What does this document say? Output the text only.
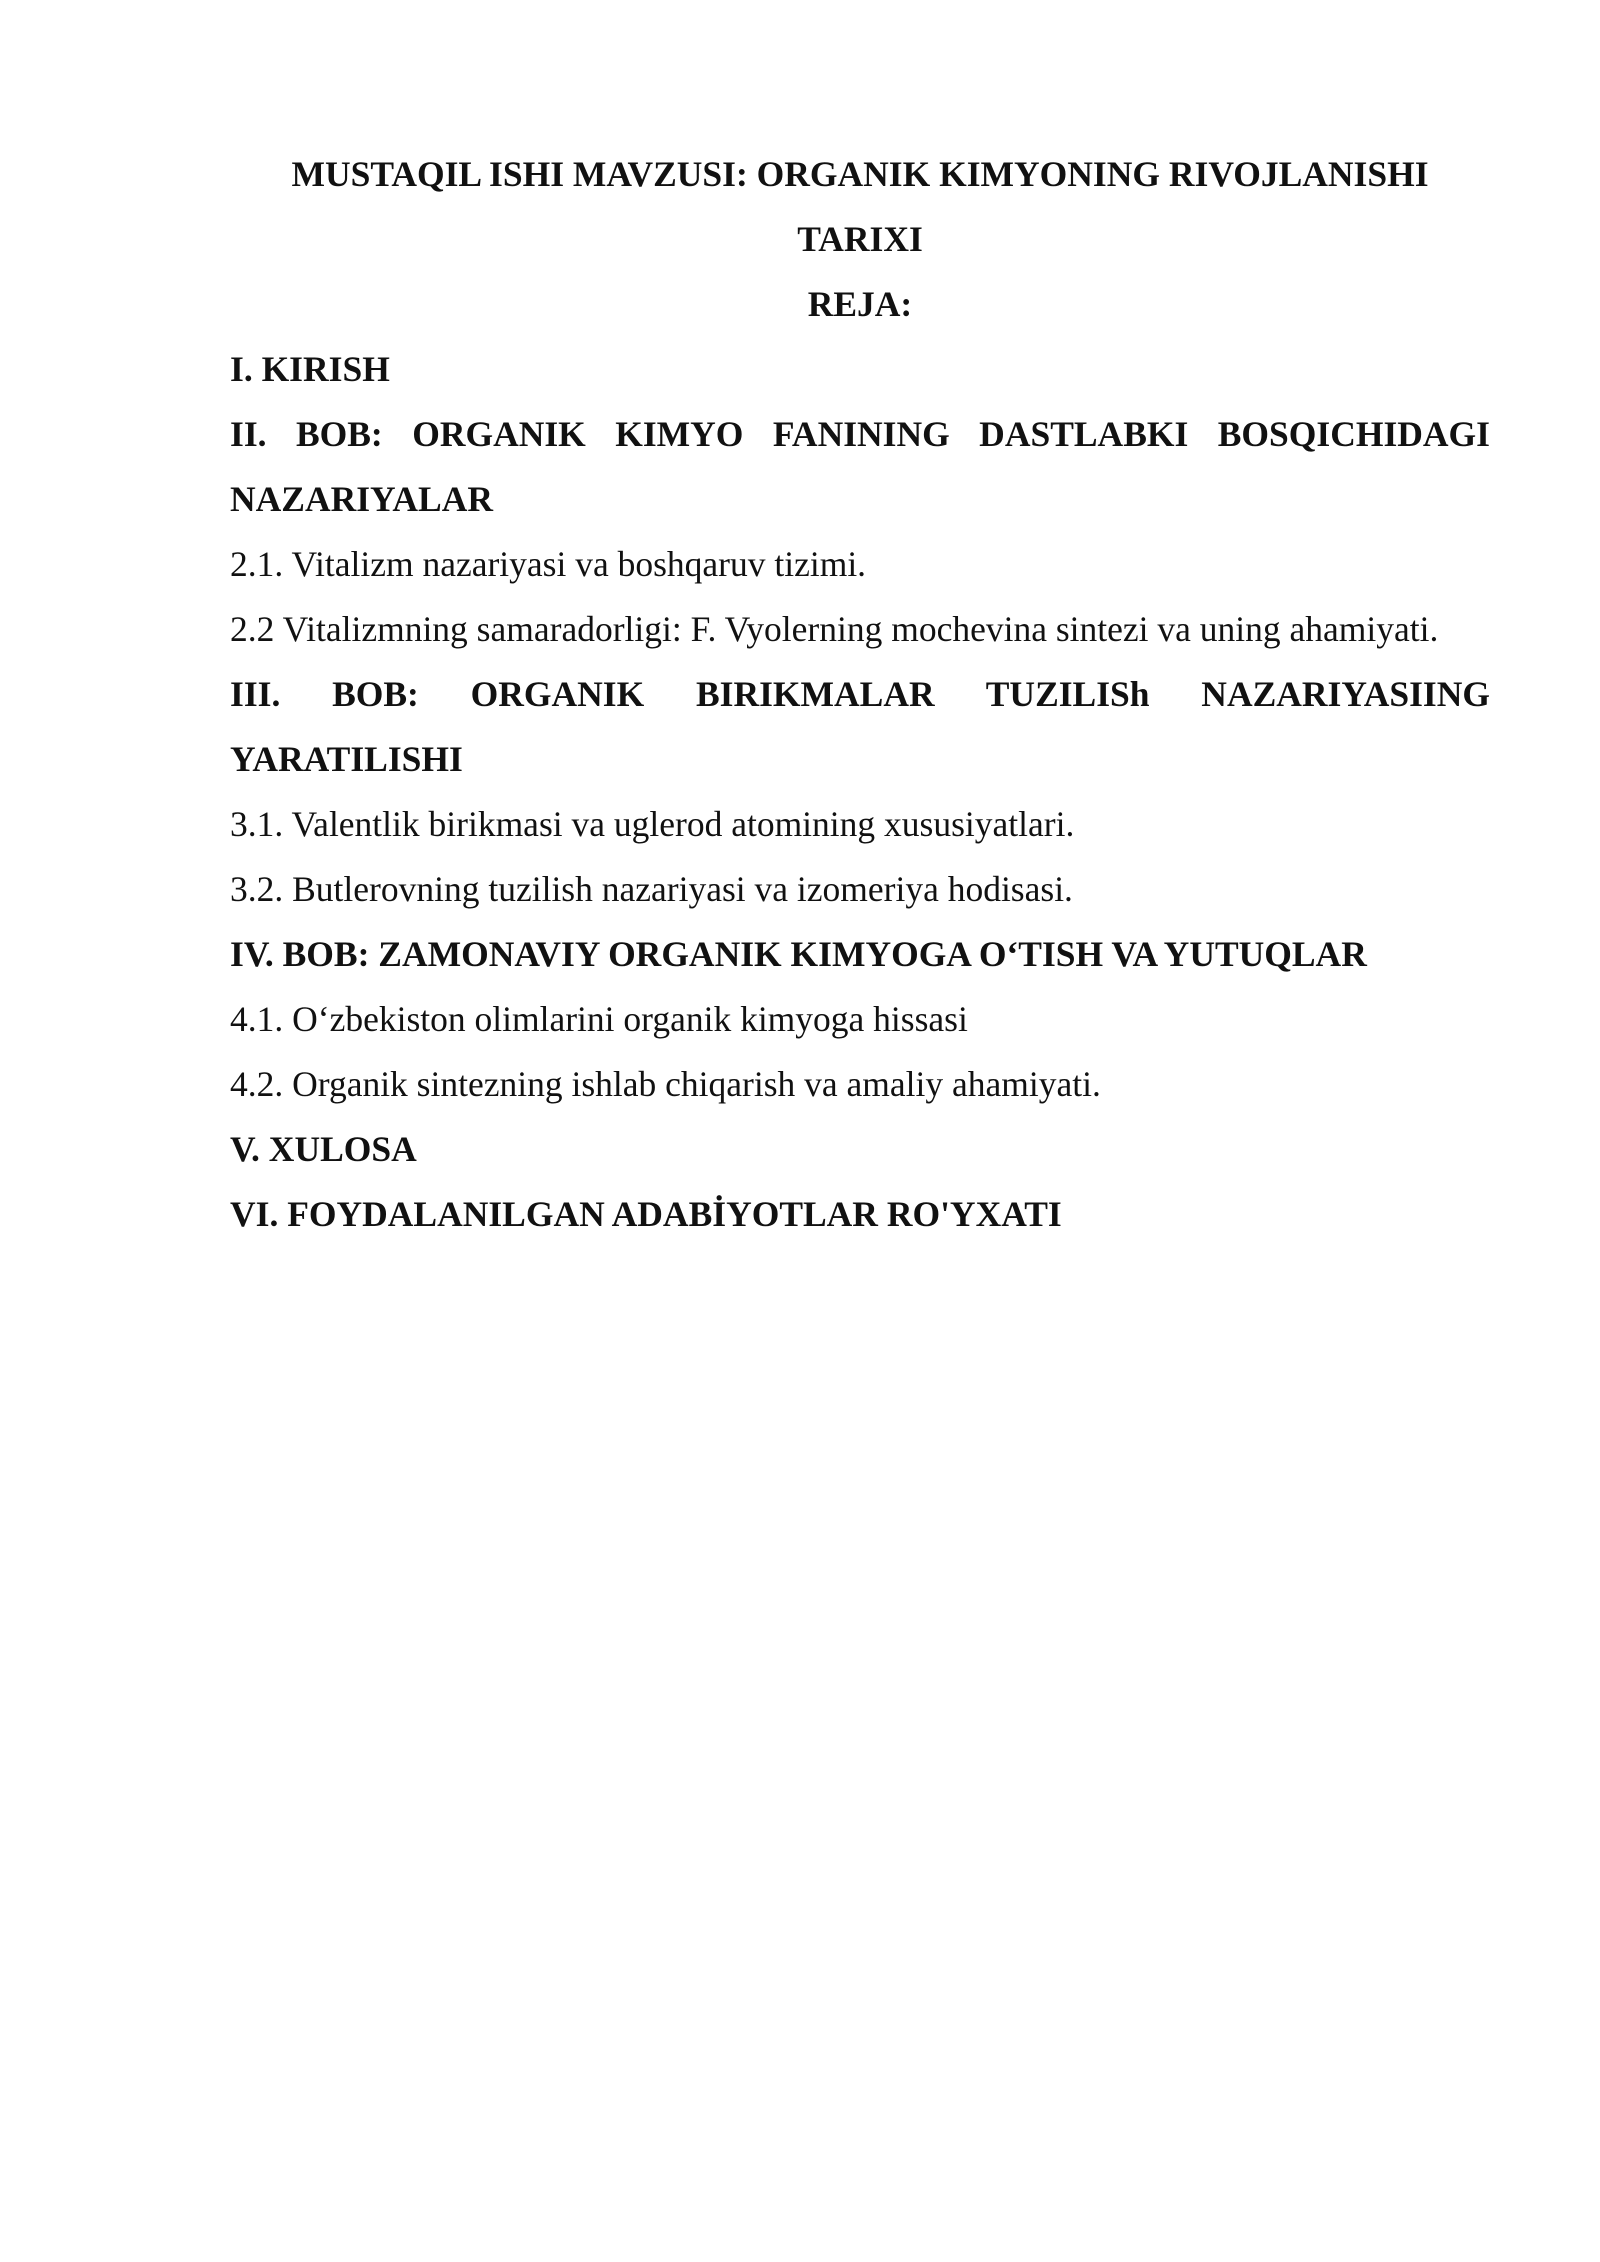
MUSTAQIL ISHI MAVZUSI: ORGANIK KIMYONING RIVOJLANISHI
TARIXI
REJA:
I. KIRISH
II. BOB: ORGANIK KIMYO FANINING DASTLABKI BOSQICHIDAGI NAZARIYALAR
2.1. Vitalizm nazariyasi va boshqaruv tizimi.
2.2 Vitalizmning samaradorligi: F. Vyolerning mochevina sintezi va uning ahamiyati.
III. BOB: ORGANIK BIRIKMALAR TUZILISh NAZARIYASIING YARATILISHI
3.1. Valentlik birikmasi va uglerod atomining xususiyatlari.
3.2. Butlerovning tuzilish nazariyasi va izomeriya hodisasi.
IV. BOB: ZAMONAVIY ORGANIK KIMYOGA O‘TISH VA YUTUQLAR
4.1. O‘zbekiston olimlarini organik kimyoga hissasi
4.2. Organik sintezning ishlab chiqarish va amaliy ahamiyati.
V. XULOSA
VI. FOYDALANILGAN ADABİYOTLAR RO'YXATI
